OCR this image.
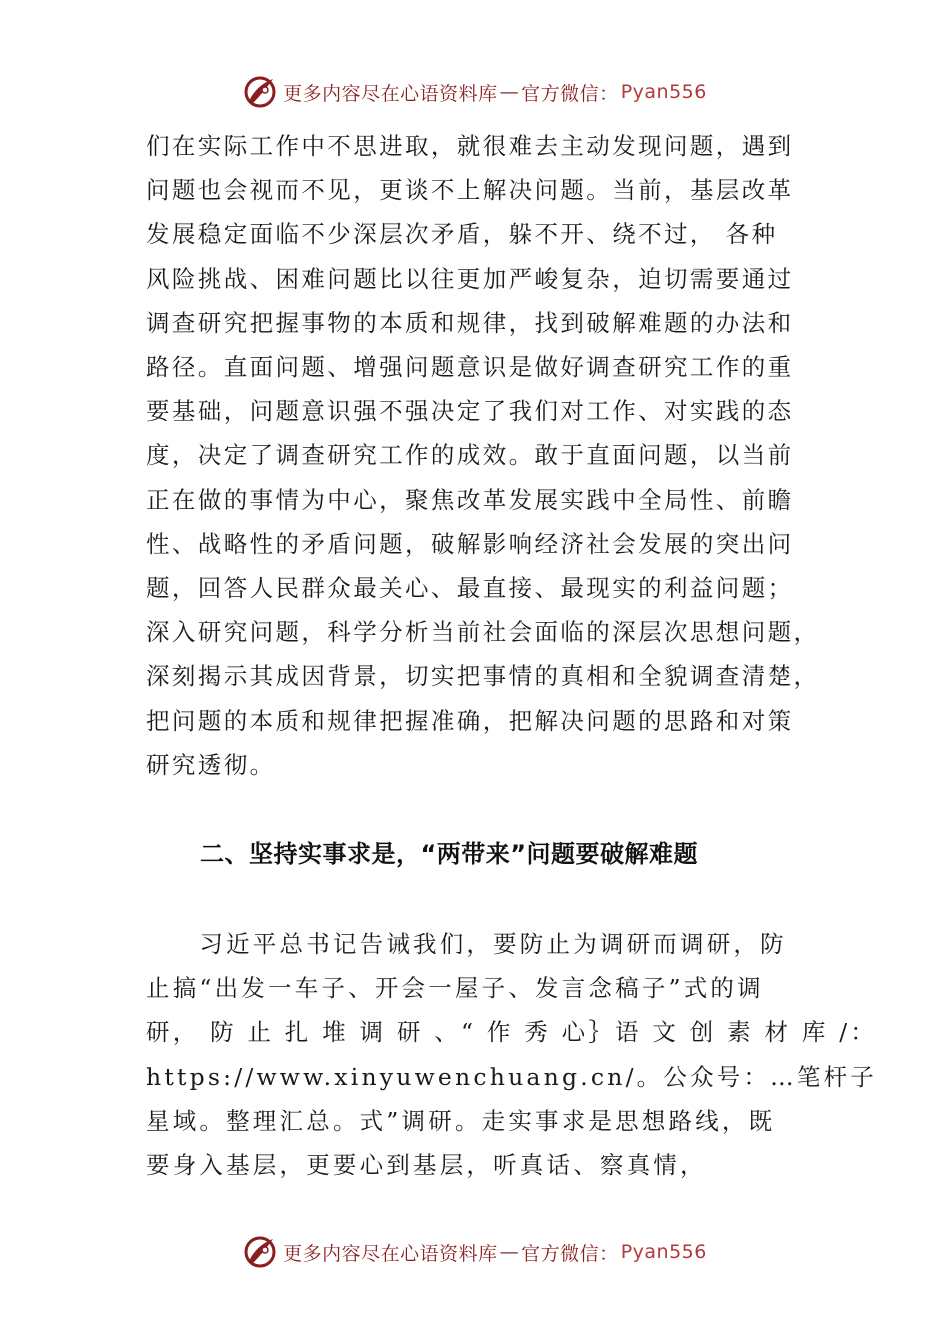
更多内容尽在心语资料库 — 官方微信： Pyan556
们在实际工作中不思进取，就很难去主动发现问题，遇到
问题也会视而不见，更谈不上解决问题。当前，基层改革
发展稳定面临不少深层次矛盾，躲不开、绕不过， 各种
风险挑战、困难问题比以往更加严峻复杂，迫切需要通过
调查研究把握事物的本质和规律，找到破解难题的办法和
路径。直面问题、增强问题意识是做好调查研究工作的重
要基础，问题意识强不强决定了我们对工作、对实践的态
度，决定了调查研究工作的成效。敢于直面问题，以当前
正在做的事情为中心，聚焦改革发展实践中全局性、前瞻
性、战略性的矛盾问题，破解影响经济社会发展的突出问
题，回答人民群众最关心、最直接、最现实的利益问题；
深入研究问题，科学分析当前社会面临的深层次思想问题，
深刻揭示其成因背景，切实把事情的真相和全貌调查清楚，
把问题的本质和规律把握准确，把解决问题的思路和对策
研究透彻。
二、坚持实事求是，“两带来”问题要破解难题
　　习近平总书记告诫我们，要防止为调研而调研，防
止搞“出发一车子、开会一屋子、发言念稿子”式的调
研， 防 止 扎 堆 调 研 、“ 作 秀 心｝语 文 创 素 材 库 /：
https://www.xinyuwenchuang.cn/。公众号：…笔杆子
星域。整理汇总。式”调研。走实事求是思想路线，既
要身入基层，更要心到基层，听真话、察真情，
更多内容尽在心语资料库 — 官方微信： Pyan556
